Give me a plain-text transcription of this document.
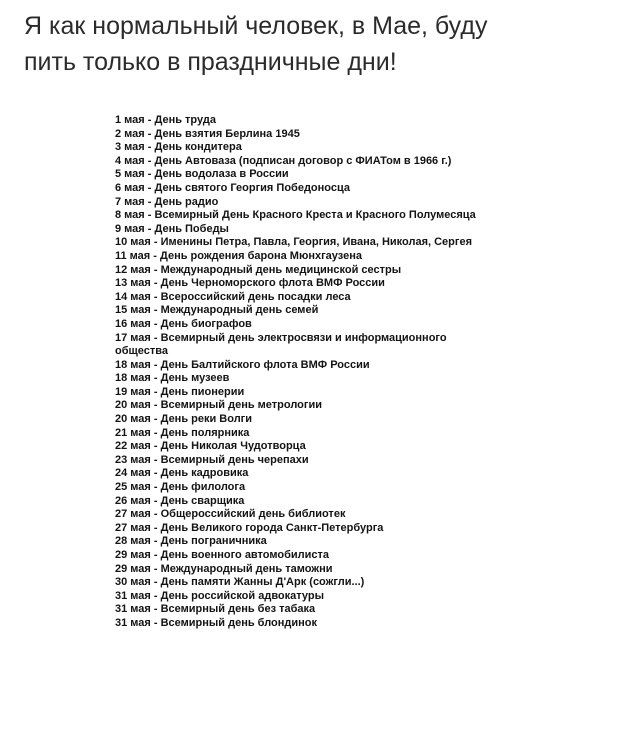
Я как нормальный человек, в Мае, буду
пить только в праздничные дни!
1 мая - День труда
2 мая - День взятия Берлина 1945
3 мая - День кондитера
4 мая - День Автоваза (подписан договор с ФИАТом в 1966 г.)
5 мая - День водолаза в России
6 мая - День святого Георгия Победоносца
7 мая - День радио
8 мая - Всемирный День Красного Креста и Красного Полумесяца
9 мая - День Победы
10 мая - Именины Петра, Павла, Георгия, Ивана, Николая, Сергея
11 мая - День рождения барона Мюнхгаузена
12 мая - Международный день медицинской сестры
13 мая - День Черноморского флота ВМФ России
14 мая - Всероссийский день посадки леса
15 мая - Международный день семей
16 мая - День биографов
17 мая - Всемирный день электросвязи и информационного
общества
18 мая - День Балтийского флота ВМФ России
18 мая - День музеев
19 мая - День пионерии
20 мая - Всемирный день метрологии
20 мая - День реки Волги
21 мая - День полярника
22 мая - День Николая Чудотворца
23 мая - Всемирный день черепахи
24 мая - День кадровика
25 мая - День филолога
26 мая - День сварщика
27 мая - Общероссийский день библиотек
27 мая - День Великого города Санкт-Петербурга
28 мая - День пограничника
29 мая - День военного автомобилиста
29 мая - Международный день таможни
30 мая - День памяти Жанны Д'Арк (сожгли...)
31 мая - День российской адвокатуры
31 мая - Всемирный день без табака
31 мая - Всемирный день блондинок
